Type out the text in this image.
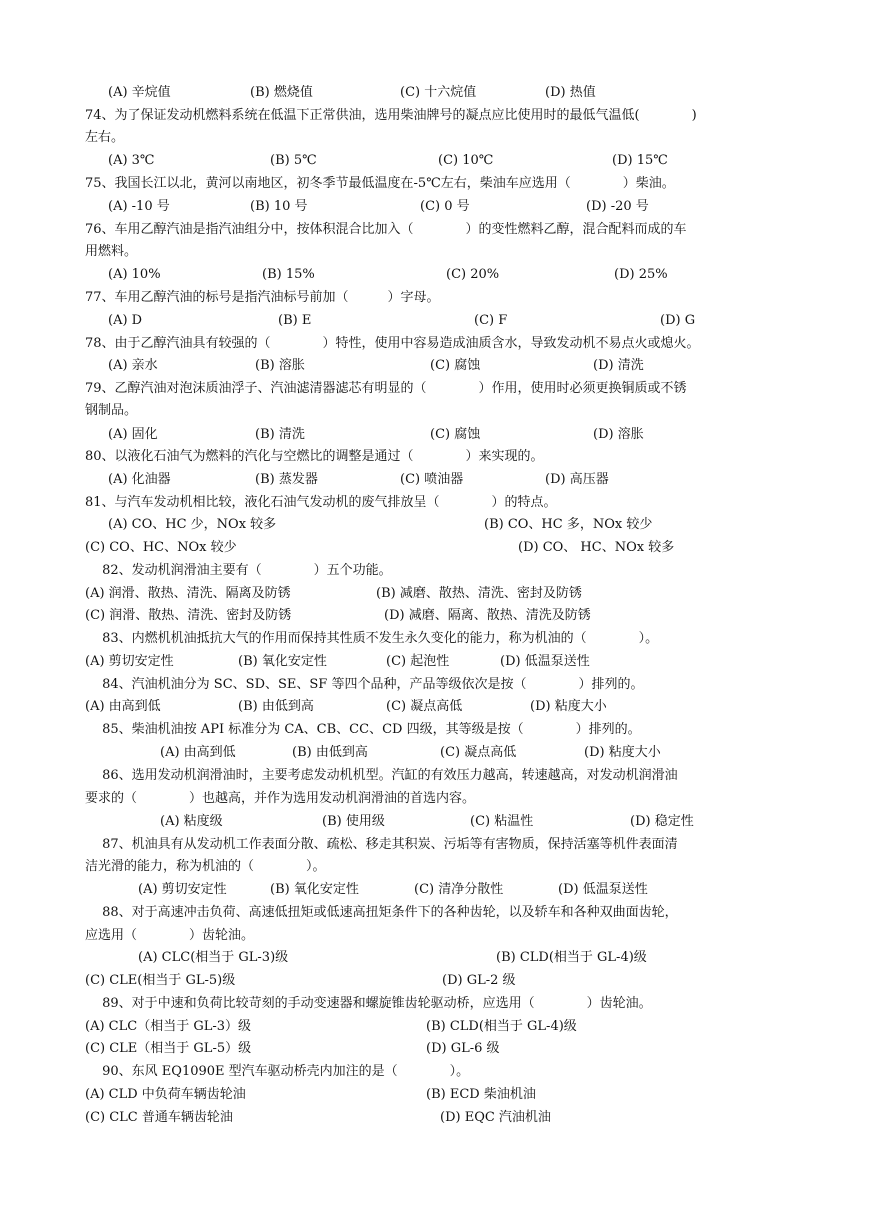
(A) 辛烷值	(B) 燃烧值	(C) 十六烷值	(D) 热值
74、为了保证发动机燃料系统在低温下正常供油，选用柴油牌号的凝点应比使用时的最低气温低(　　　　)
左右。
(A) 3℃	(B) 5℃	(C) 10℃	(D) 15℃
75、我国长江以北，黄河以南地区，初冬季节最低温度在-5℃左右，柴油车应选用（　　　　）柴油。
(A) -10 号	(B) 10 号	(C) 0 号	(D) -20 号
76、车用乙醇汽油是指汽油组分中，按体积混合比加入（　　　　）的变性燃料乙醇，混合配料而成的车
用燃料。
(A) 10%	(B) 15%	(C) 20%	(D) 25%
77、车用乙醇汽油的标号是指汽油标号前加（　　　）字母。
(A) D	(B) E	(C) F	(D) G
78、由于乙醇汽油具有较强的（　　　　）特性，使用中容易造成油质含水，导致发动机不易点火或熄火。
(A) 亲水	(B) 溶胀	(C) 腐蚀	(D) 清洗
79、乙醇汽油对泡沫质油浮子、汽油滤清器滤芯有明显的（　　　　）作用，使用时必须更换铜质或不锈
钢制品。
(A) 固化	(B) 清洗	(C) 腐蚀	(D) 溶胀
80、以液化石油气为燃料的汽化与空燃比的调整是通过（　　　　）来实现的。
(A) 化油器	(B) 蒸发器	(C) 喷油器	(D) 高压器
81、与汽车发动机相比较，液化石油气发动机的废气排放呈（　　　　）的特点。
(A) CO、HC 少，NOx 较多	(B) CO、HC 多，NOx 较少
(C) CO、HC、NOx 较少	(D) CO、 HC、NOx 较多
　 82、发动机润滑油主要有（　　　　）五个功能。
(A) 润滑、散热、清洗、隔离及防锈	(B) 减磨、散热、清洗、密封及防锈
(C) 润滑、散热、清洗、密封及防锈	(D) 减磨、隔离、散热、清洗及防锈
　 83、内燃机机油抵抗大气的作用而保持其性质不发生永久变化的能力，称为机油的（　　　　）。
(A) 剪切安定性	(B) 氧化安定性	(C) 起泡性	(D) 低温泵送性
　 84、汽油机油分为 SC、SD、SE、SF 等四个品种，产品等级依次是按（　　　　）排列的。
(A) 由高到低	(B) 由低到高	(C) 凝点高低	(D) 粘度大小
　 85、柴油机油按 API 标准分为 CA、CB、CC、CD 四级，其等级是按（　　　　）排列的。
(A) 由高到低	(B) 由低到高	(C) 凝点高低	(D) 粘度大小
　 86、选用发动机润滑油时，主要考虑发动机机型。汽缸的有效压力越高，转速越高，对发动机润滑油
要求的（　　　　）也越高，并作为选用发动机润滑油的首选内容。
(A) 粘度级	(B) 使用级	(C) 粘温性	(D) 稳定性
　 87、机油具有从发动机工作表面分散、疏松、移走其积炭、污垢等有害物质，保持活塞等机件表面清
洁光滑的能力，称为机油的（　　　　）。
(A) 剪切安定性	(B) 氧化安定性	(C) 清净分散性	(D) 低温泵送性
　 88、对于高速冲击负荷、高速低扭矩或低速高扭矩条件下的各种齿轮，以及轿车和各种双曲面齿轮，
应选用（　　　　）齿轮油。
(A) CLC(相当于 GL-3)级	(B) CLD(相当于 GL-4)级
(C) CLE(相当于 GL-5)级	(D) GL-2 级
　 89、对于中速和负荷比较苛刻的手动变速器和螺旋锥齿轮驱动桥，应选用（　　　　）齿轮油。
(A) CLC（相当于 GL-3）级	(B) CLD(相当于 GL-4)级
(C) CLE（相当于 GL-5）级	(D) GL-6 级
　 90、东风 EQ1090E 型汽车驱动桥壳内加注的是（　　　　）。
(A) CLD 中负荷车辆齿轮油	(B) ECD 柴油机油
(C) CLC 普通车辆齿轮油	(D) EQC 汽油机油
